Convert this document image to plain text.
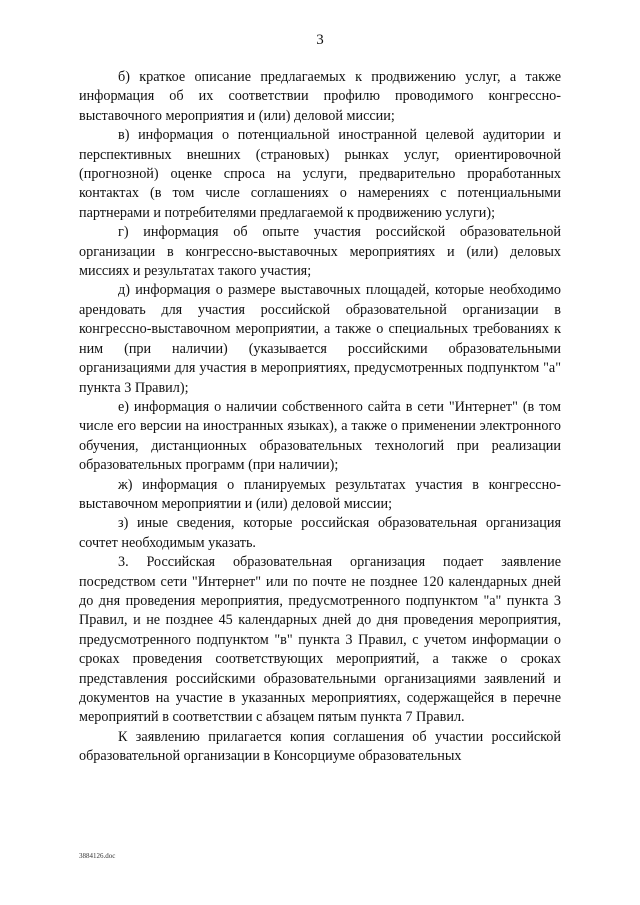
3

б) краткое описание предлагаемых к продвижению услуг, а также информация об их соответствии профилю проводимого конгрессно-выставочного мероприятия и (или) деловой миссии;

в) информация о потенциальной иностранной целевой аудитории и перспективных внешних (страновых) рынках услуг, ориентировочной (прогнозной) оценке спроса на услуги, предварительно проработанных контактах (в том числе соглашениях о намерениях с потенциальными партнерами и потребителями предлагаемой к продвижению услуги);

г) информация об опыте участия российской образовательной организации в конгрессно-выставочных мероприятиях и (или) деловых миссиях и результатах такого участия;

д) информация о размере выставочных площадей, которые необходимо арендовать для участия российской образовательной организации в конгрессно-выставочном мероприятии, а также о специальных требованиях к ним (при наличии) (указывается российскими образовательными организациями для участия в мероприятиях, предусмотренных подпунктом "а" пункта 3 Правил);

е) информация о наличии собственного сайта в сети "Интернет" (в том числе его версии на иностранных языках), а также о применении электронного обучения, дистанционных образовательных технологий при реализации образовательных программ (при наличии);

ж) информация о планируемых результатах участия в конгрессно-выставочном мероприятии и (или) деловой миссии;

з) иные сведения, которые российская образовательная организация сочтет необходимым указать.

3. Российская образовательная организация подает заявление посредством сети "Интернет" или по почте не позднее 120 календарных дней до дня проведения мероприятия, предусмотренного подпунктом "а" пункта 3 Правил, и не позднее 45 календарных дней до дня проведения мероприятия, предусмотренного подпунктом "в" пункта 3 Правил, с учетом информации о сроках проведения соответствующих мероприятий, а также о сроках представления российскими образовательными организациями заявлений и документов на участие в указанных мероприятиях, содержащейся в перечне мероприятий в соответствии с абзацем пятым пункта 7 Правил.

К заявлению прилагается копия соглашения об участии российской образовательной организации в Консорциуме образовательных

3884126.doc
